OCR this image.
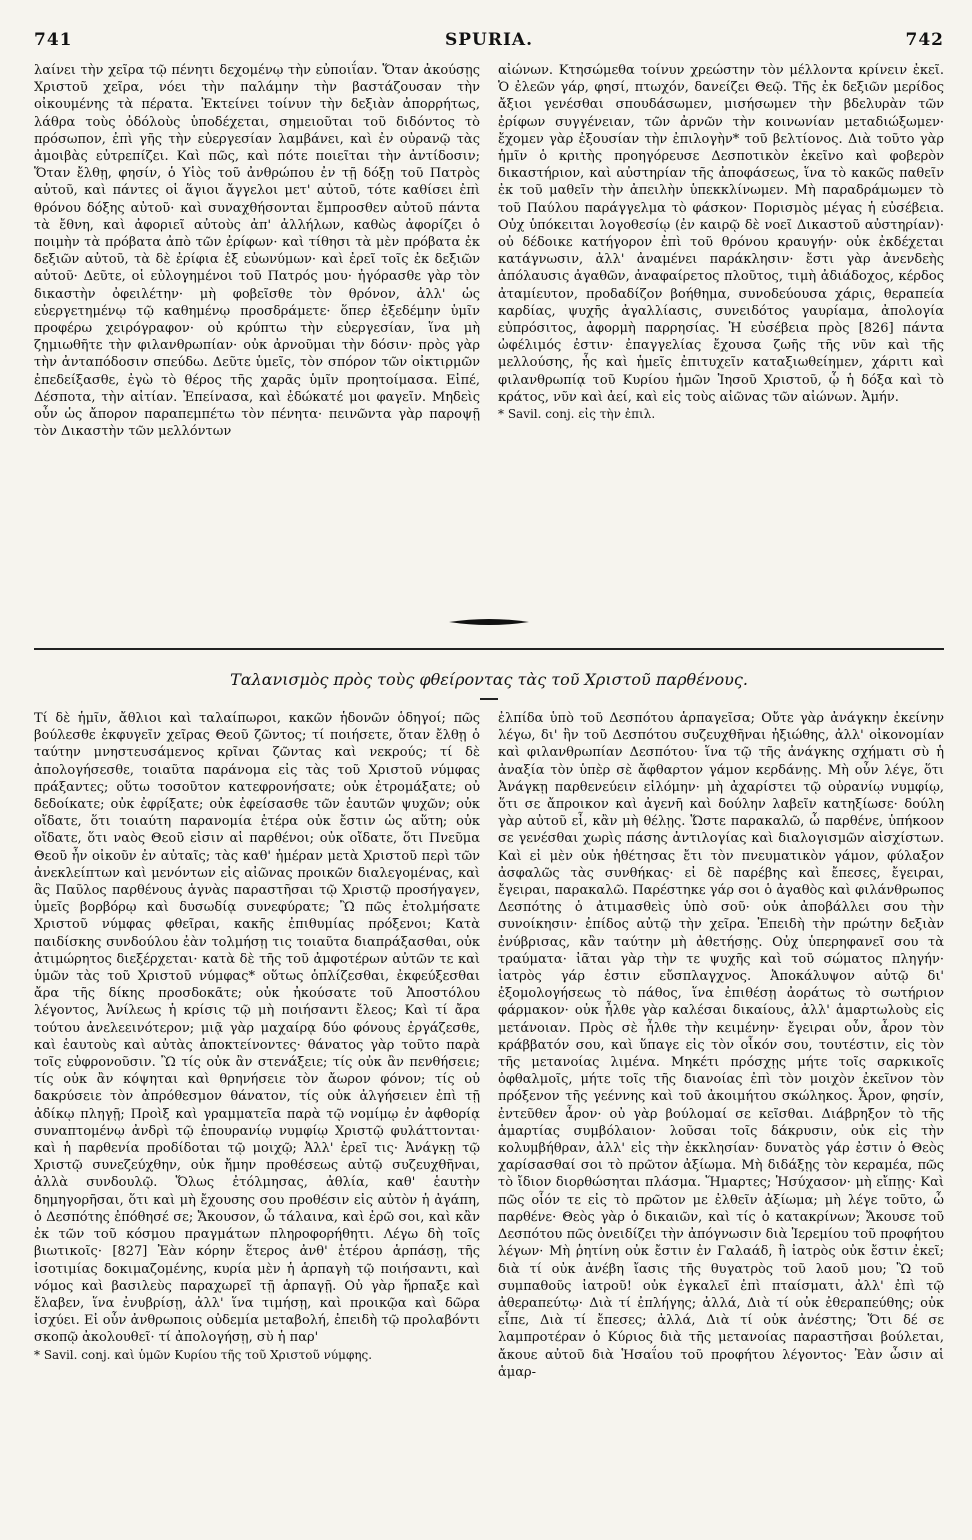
741	SPURIA.	742

λαίνει τὴν χεῖρα τῷ πένητι δεχομένῳ τὴν εὐποιΐαν. Ὅταν ἀκούσῃς Χριστοῦ χεῖρα, νόει τὴν παλάμην τὴν βαστάζουσαν τὴν οἰκουμένης τὰ πέρατα. Ἐκτείνει τοίνυν τὴν δεξιὰν ἀπορρήτως, λάθρα τοὺς ὀδόλοὺς ὑποδέχεται, σημειοῦται τοῦ διδόντος τὸ πρόσωπον, ἐπὶ γῆς τὴν εὐεργεσίαν λαμβάνει, καὶ ἐν οὐρανῷ τὰς ἀμοιβὰς εὐτρεπίζει. Καὶ πῶς, καὶ πότε ποιεῖται τὴν ἀντίδοσιν; Ὅταν ἔλθῃ, φησίν, ὁ Υἱὸς τοῦ ἀνθρώπου ἐν τῇ δόξῃ τοῦ Πατρὸς αὐτοῦ, καὶ πάντες οἱ ἅγιοι ἄγγελοι μετ' αὐτοῦ, τότε καθίσει ἐπὶ θρόνου δόξης αὐτοῦ· καὶ συναχθήσονται ἔμπροσθεν αὐτοῦ πάντα τὰ ἔθνη, καὶ ἀφοριεῖ αὐτοὺς ἀπ' ἀλλήλων, καθὼς ἀφορίζει ὁ ποιμὴν τὰ πρόβατα ἀπὸ τῶν ἐρίφων· καὶ τίθησι τὰ μὲν πρόβατα ἐκ δεξιῶν αὐτοῦ, τὰ δὲ ἐρίφια ἐξ εὐωνύμων· καὶ ἐρεῖ τοῖς ἐκ δεξιῶν αὐτοῦ· Δεῦτε, οἱ εὐλογημένοι τοῦ Πατρός μου· ἠγόρασθε γὰρ τὸν δικαστὴν ὀφειλέτην· μὴ φοβεῖσθε τὸν θρόνον, ἀλλ' ὡς εὐεργετημένῳ τῷ καθημένῳ προσδράμετε· ὅπερ ἐξεδέμην ὑμῖν προφέρω χειρόγραφον· οὐ κρύπτω τὴν εὐεργεσίαν, ἵνα μὴ ζημιωθῆτε τὴν φιλανθρωπίαν· οὐκ ἀρνοῦμαι τὴν δόσιν· πρὸς γὰρ τὴν ἀνταπόδοσιν σπεύδω. Δεῦτε ὑμεῖς, τὸν σπόρον τῶν οἰκτιρμῶν ἐπεδείξασθε, ἐγὼ τὸ θέρος τῆς χαρᾶς ὑμῖν προητοίμασα. Εἰπέ, Δέσποτα, τὴν αἰτίαν. Ἐπείνασα, καὶ ἐδώκατέ μοι φαγεῖν. Μηδεὶς οὖν ὡς ἄπορον παραπεμπέτω τὸν πένητα· πεινῶντα γὰρ παροψῇ τὸν Δικαστὴν τῶν μελλόντων

αἰώνων. Κτησώμεθα τοίνυν χρεώστην τὸν μέλλοντα κρίνειν ἐκεῖ. Ὁ ἐλεῶν γάρ, φησί, πτωχόν, δανείζει Θεῷ. Τῆς ἐκ δεξιῶν μερίδος ἄξιοι γενέσθαι σπουδάσωμεν, μισήσωμεν τὴν βδελυρὰν τῶν ἐρίφων συγγένειαν, τῶν ἀρνῶν τὴν κοινωνίαν μεταδιώξωμεν· ἔχομεν γὰρ ἐξουσίαν τὴν ἐπιλογὴν* τοῦ βελτίονος. Διὰ τοῦτο γὰρ ἡμῖν ὁ κριτὴς προηγόρευσε Δεσποτικὸν ἐκεῖνο καὶ φοβερὸν δικαστήριον, καὶ αὐστηρίαν τῆς ἀποφάσεως, ἵνα τὸ κακῶς παθεῖν ἐκ τοῦ μαθεῖν τὴν ἀπειλὴν ὑπεκκλίνωμεν. Μὴ παραδράμωμεν τὸ τοῦ Παύλου παράγγελμα τὸ φάσκον· Πορισμὸς μέγας ἡ εὐσέβεια. Οὐχ ὑπόκειται λογοθεσίῳ (ἐν καιρῷ δὲ νοεῖ Δικαστοῦ αὐστηρίαν)· οὐ δέδοικε κατήγορον ἐπὶ τοῦ θρόνου κραυγήν· οὐκ ἐκδέχεται κατάγνωσιν, ἀλλ' ἀναμένει παράκλησιν· ἔστι γὰρ ἀνενδεὴς ἀπόλαυσις ἀγαθῶν, ἀναφαίρετος πλοῦτος, τιμὴ ἀδιάδοχος, κέρδος ἀταμίευτον, προδαδίζον βοήθημα, συνοδεύουσα χάρις, θεραπεία καρδίας, ψυχῆς ἀγαλλίασις, συνειδότος γαυρίαμα, ἀπολογία εὐπρόσιτος, ἀφορμὴ παρρησίας. Ἡ εὐσέβεια πρὸς [826] πάντα ὠφέλιμός ἐστιν· ἐπαγγελίας ἔχουσα ζωῆς τῆς νῦν καὶ τῆς μελλούσης, ἧς καὶ ἡμεῖς ἐπιτυχεῖν καταξιωθείημεν, χάριτι καὶ φιλανθρωπίᾳ τοῦ Κυρίου ἡμῶν Ἰησοῦ Χριστοῦ, ᾧ ἡ δόξα καὶ τὸ κράτος, νῦν καὶ ἀεί, καὶ εἰς τοὺς αἰῶνας τῶν αἰώνων. Ἀμήν.

* Savil. conj. εἰς τὴν ἐπιλ.

Ταλανισμὸς πρὸς τοὺς φθείροντας τὰς τοῦ Χριστοῦ παρθένους.

Τί δὲ ἡμῖν, ἄθλιοι καὶ ταλαίπωροι, κακῶν ἡδονῶν ὁδηγοί; πῶς βούλεσθε ἐκφυγεῖν χεῖρας Θεοῦ ζῶντος; τί ποιήσετε, ὅταν ἔλθῃ ὁ ταύτην μνηστευσάμενος κρῖναι ζῶντας καὶ νεκρούς; τί δὲ ἀπολογήσεσθε, τοιαῦτα παράνομα εἰς τὰς τοῦ Χριστοῦ νύμφας πράξαντες; οὕτω τοσοῦτον κατεφρονήσατε; οὐκ ἐτρομάξατε; οὐ δεδοίκατε; οὐκ ἐφρίξατε; οὐκ ἐφείσασθε τῶν ἑαυτῶν ψυχῶν; οὐκ οἴδατε, ὅτι τοιαύτη παρανομία ἑτέρα οὐκ ἔστιν ὡς αὕτη; οὐκ οἴδατε, ὅτι ναὸς Θεοῦ εἰσιν αἱ παρθένοι; οὐκ οἴδατε, ὅτι Πνεῦμα Θεοῦ ἦν οἰκοῦν ἐν αὐταῖς; τὰς καθ' ἡμέραν μετὰ Χριστοῦ περὶ τῶν ἀνεκλείπτων καὶ μενόντων εἰς αἰῶνας προικῶν διαλεγομένας, καὶ ἃς Παῦλος παρθένους ἁγνὰς παραστῆσαι τῷ Χριστῷ προσήγαγεν, ὑμεῖς βορβόρῳ καὶ δυσωδίᾳ συνεφύρατε; Ὢ πῶς ἐτολμήσατε Χριστοῦ νύμφας φθεῖραι, κακῆς ἐπιθυμίας πρόξενοι; Κατὰ παιδίσκης συνδούλου ἐὰν τολμήσῃ τις τοιαῦτα διαπράξασθαι, οὐκ ἀτιμώρητος διεξέρχεται· κατὰ δὲ τῆς τοῦ ἀμφοτέρων αὐτῶν τε καὶ ὑμῶν τὰς τοῦ Χριστοῦ νύμφας* οὕτως ὁπλίζεσθαι, ἐκφεύξεσθαι ἄρα τῆς δίκης προσδοκᾶτε; οὐκ ἠκούσατε τοῦ Ἀποστόλου λέγοντος, Ἀνίλεως ἡ κρίσις τῷ μὴ ποιήσαντι ἔλεος; Καὶ τί ἄρα τούτου ἀνελεεινότερον; μιᾷ γὰρ μαχαίρᾳ δύο φόνους ἐργάζεσθε, καὶ ἑαυτοὺς καὶ αὐτὰς ἀποκτείνοντες· θάνατος γὰρ τοῦτο παρὰ τοῖς εὐφρονοῦσιν. Ὢ τίς οὐκ ἂν στενάξειε; τίς οὐκ ἂν πενθήσειε; τίς οὐκ ἂν κόψηται καὶ θρηνήσειε τὸν ἄωρον φόνον; τίς οὐ δακρύσειε τὸν ἀπρόθεσμον θάνατον, τίς οὐκ ἀλγήσειεν ἐπὶ τῇ ἀδίκῳ πληγῇ; Προὶξ καὶ γραμματεῖα παρὰ τῷ νομίμῳ ἐν ἀφθορίᾳ συναπτομένῳ ἀνδρὶ τῷ ἐπουρανίῳ νυμφίῳ Χριστῷ φυλάττονται· καὶ ἡ παρθενία προδίδοται τῷ μοιχῷ; Ἀλλ' ἐρεῖ τις· Ἀνάγκῃ τῷ Χριστῷ συνεζεύχθην, οὐκ ἤμην προθέσεως αὐτῷ συζευχθῆναι, ἀλλὰ συνδουλῷ. Ὅλως ἐτόλμησας, ἀθλία, καθ' ἑαυτὴν δημηγορῆσαι, ὅτι καὶ μὴ ἔχουσης σου προθέσιν εἰς αὐτὸν ἡ ἀγάπη, ὁ Δεσπότης ἐπόθησέ σε; Ἄκουσον, ὦ τάλαινα, καὶ ἐρῶ σοι, καὶ κἂν ἐκ τῶν τοῦ κόσμου πραγμάτων πληροφορήθητι. Λέγω δὴ τοῖς βιωτικοῖς· [827] Ἐὰν κόρην ἕτερος ἀνθ' ἑτέρου ἁρπάσῃ, τῆς ἰσοτιμίας δοκιμαζομένης, κυρία μὲν ἡ ἁρπαγὴ τῷ ποιήσαντι, καὶ νόμος καὶ βασιλεὺς παραχωρεῖ τῇ ἁρπαγῇ. Οὐ γὰρ ἥρπαξε καὶ ἔλαβεν, ἵνα ἐνυβρίσῃ, ἀλλ' ἵνα τιμήσῃ, καὶ προικῷα καὶ δῶρα ἰσχύει. Εἰ οὖν ἀνθρωποις οὐδεμία μεταβολή, ἐπειδὴ τῷ προλαβόντι σκοπῷ ἀκολουθεῖ· τί ἀπολογήσῃ, σὺ ἡ παρ'

* Savil. conj. καὶ ὑμῶν Κυρίου τῆς τοῦ Χριστοῦ νύμφης.

ἐλπίδα ὑπὸ τοῦ Δεσπότου ἁρπαγεῖσα; Οὔτε γὰρ ἀνάγκην ἐκείνην λέγω, δι' ἣν τοῦ Δεσπότου συζευχθῆναι ἠξιώθης, ἀλλ' οἰκονομίαν καὶ φιλανθρωπίαν Δεσπότου· ἵνα τῷ τῆς ἀνάγκης σχήματι σὺ ἡ ἀναξία τὸν ὑπὲρ σὲ ἄφθαρτον γάμον κερδάνῃς. Μὴ οὖν λέγε, ὅτι Ἀνάγκῃ παρθενεύειν εἰλόμην· μὴ ἀχαρίστει τῷ οὐρανίῳ νυμφίῳ, ὅτι σε ἄπροικον καὶ ἀγενῆ καὶ δούλην λαβεῖν κατηξίωσε· δούλη γὰρ αὐτοῦ εἶ, κἂν μὴ θέλῃς. Ὥστε παρακαλῶ, ὦ παρθένε, ὑπήκοον σε γενέσθαι χωρὶς πάσης ἀντιλογίας καὶ διαλογισμῶν αἰσχίστων. Καὶ εἰ μὲν οὐκ ἠθέτησας ἔτι τὸν πνευματικὸν γάμον, φύλαξον ἀσφαλῶς τὰς συνθήκας· εἰ δὲ παρέβης καὶ ἔπεσες, ἔγειραι, ἔγειραι, παρακαλῶ. Παρέστηκε γάρ σοι ὁ ἀγαθὸς καὶ φιλάνθρωπος Δεσπότης ὁ ἀτιμασθεὶς ὑπὸ σοῦ· οὐκ ἀποβάλλει σου τὴν συνοίκησιν· ἐπίδος αὐτῷ τὴν χεῖρα. Ἐπειδὴ τὴν πρώτην δεξιὰν ἐνύβρισας, κἂν ταύτην μὴ ἀθετήσῃς. Οὐχ ὑπερηφανεῖ σου τὰ τραύματα· ἰᾶται γὰρ τὴν τε ψυχῆς καὶ τοῦ σώματος πληγήν· ἰατρὸς γάρ ἐστιν εὔσπλαγχνος. Ἀποκάλυψον αὐτῷ δι' ἐξομολογήσεως τὸ πάθος, ἵνα ἐπιθέσῃ ἀοράτως τὸ σωτήριον φάρμακον· οὐκ ἦλθε γὰρ καλέσαι δικαίους, ἀλλ' ἁμαρτωλοὺς εἰς μετάνοιαν. Πρὸς σὲ ἦλθε τὴν κειμένην· ἔγειραι οὖν, ἆρον τὸν κράββατόν σου, καὶ ὕπαγε εἰς τὸν οἶκόν σου, τουτέστιν, εἰς τὸν τῆς μετανοίας λιμένα. Μηκέτι πρόσχῃς μήτε τοῖς σαρκικοῖς ὀφθαλμοῖς, μήτε τοῖς τῆς διανοίας ἐπὶ τὸν μοιχὸν ἐκεῖνον τὸν πρόξενον τῆς γεέννης καὶ τοῦ ἀκοιμήτου σκώληκος. Ἆρον, φησίν, ἐντεῦθεν ἆρον· οὐ γὰρ βούλομαί σε κεῖσθαι. Διάβρηξον τὸ τῆς ἁμαρτίας συμβόλαιον· λοῦσαι τοῖς δάκρυσιν, οὐκ εἰς τὴν κολυμβήθραν, ἀλλ' εἰς τὴν ἐκκλησίαν· δυνατὸς γάρ ἐστιν ὁ Θεὸς χαρίσασθαί σοι τὸ πρῶτον ἀξίωμα. Μὴ διδάξῃς τὸν κεραμέα, πῶς τὸ ἴδιον διορθώσηται πλάσμα. Ἥμαρτες; Ἡσύχασον· μὴ εἴπῃς· Καὶ πῶς οἷόν τε εἰς τὸ πρῶτον με ἐλθεῖν ἀξίωμα; μὴ λέγε τοῦτο, ὦ παρθένε· Θεὸς γὰρ ὁ δικαιῶν, καὶ τίς ὁ κατακρίνων; Ἄκουσε τοῦ Δεσπότου πῶς ὀνειδίζει τὴν ἀπόγνωσιν διὰ Ἱερεμίου τοῦ προφήτου λέγων· Μὴ ῥητίνη οὐκ ἔστιν ἐν Γαλαάδ, ἢ ἰατρὸς οὐκ ἔστιν ἐκεῖ; διὰ τί οὐκ ἀνέβη ἴασις τῆς θυγατρὸς τοῦ λαοῦ μου; Ὢ τοῦ συμπαθοῦς ἰατροῦ! οὐκ ἐγκαλεῖ ἐπὶ πταίσματι, ἀλλ' ἐπὶ τῷ ἀθεραπεύτῳ· Διὰ τί ἐπλήγης; ἀλλά, Διὰ τί οὐκ ἐθεραπεύθης; οὐκ εἶπε, Διὰ τί ἔπεσες; ἀλλά, Διὰ τί οὐκ ἀνέστης; Ὅτι δέ σε λαμπροτέραν ὁ Κύριος διὰ τῆς μετανοίας παραστῆσαι βούλεται, ἄκουε αὐτοῦ διὰ Ἡσαΐου τοῦ προφήτου λέγοντος· Ἐὰν ὦσιν αἱ ἁμαρ-
